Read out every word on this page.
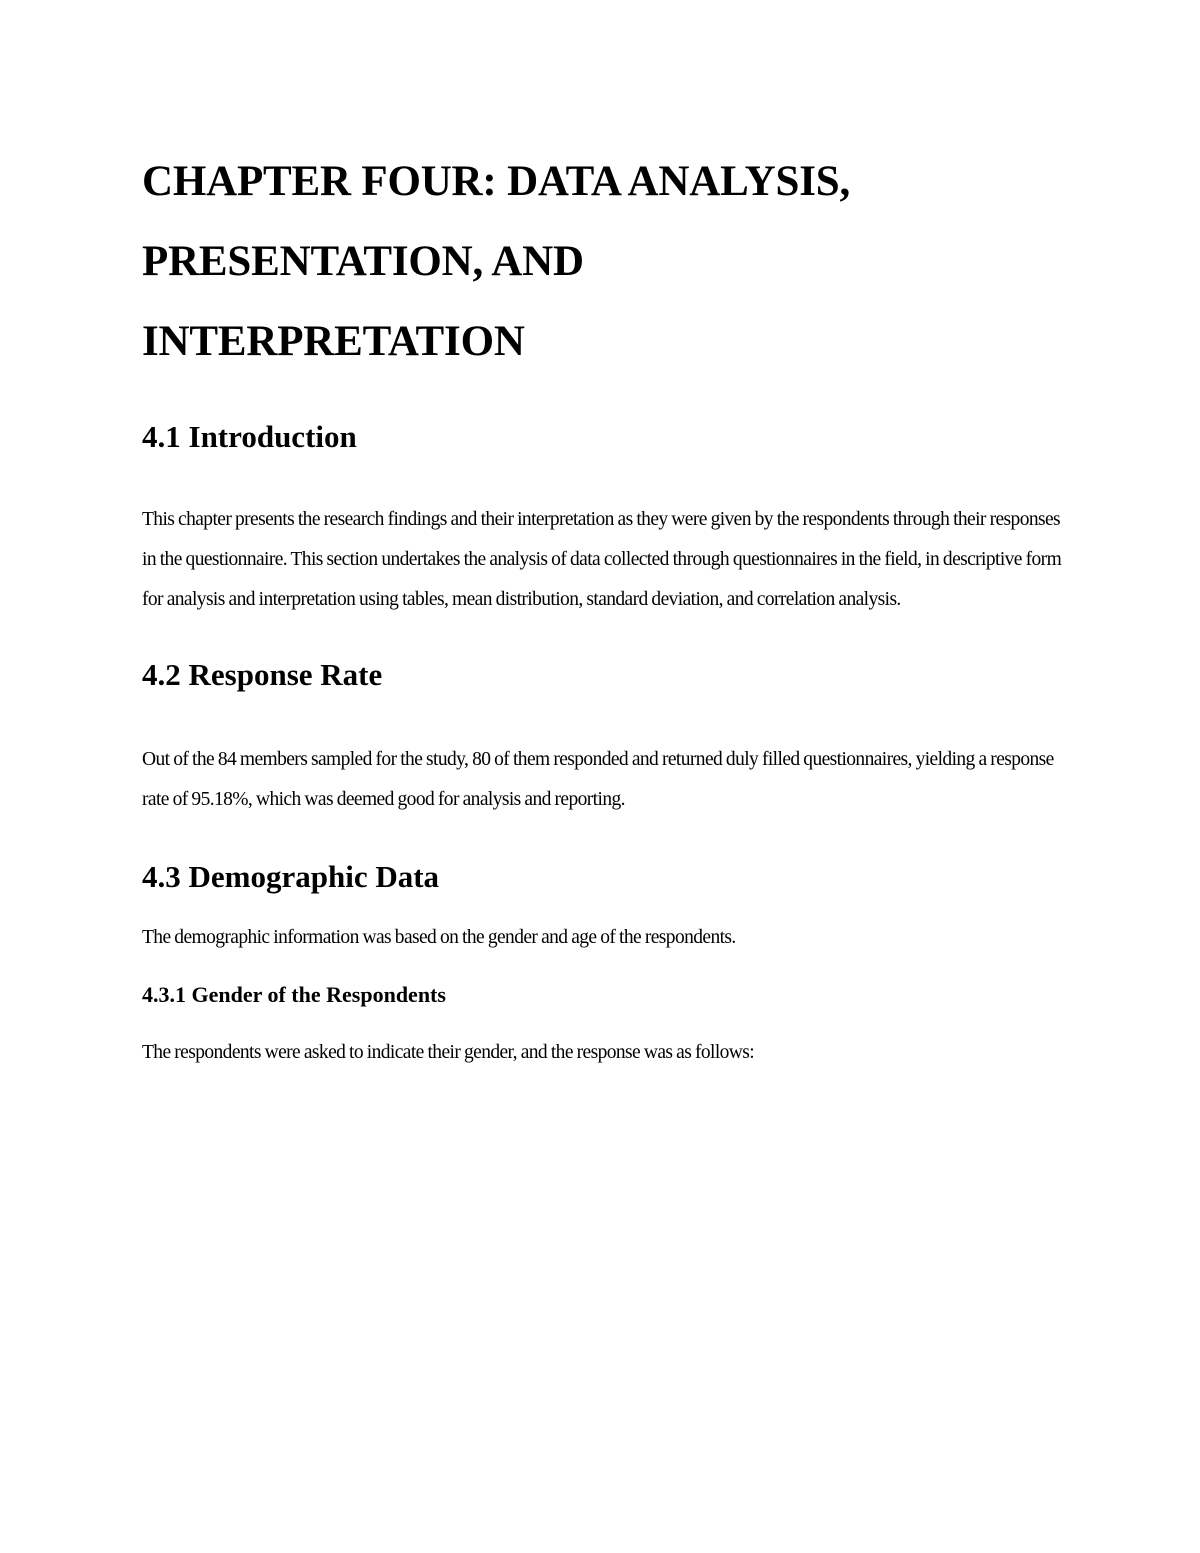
CHAPTER FOUR: DATA ANALYSIS,
PRESENTATION, AND
INTERPRETATION
4.1 Introduction

This chapter presents the research findings and their interpretation as they were given by the respondents through their responses in the questionnaire. This section undertakes the analysis of data collected through questionnaires in the field, in descriptive form for analysis and interpretation using tables, mean distribution, standard deviation, and correlation analysis.

4.2 Response Rate

Out of the 84 members sampled for the study, 80 of them responded and returned duly filled questionnaires, yielding a response rate of 95.18%, which was deemed good for analysis and reporting.

4.3 Demographic Data

The demographic information was based on the gender and age of the respondents.

4.3.1 Gender of the Respondents

The respondents were asked to indicate their gender, and the response was as follows:
